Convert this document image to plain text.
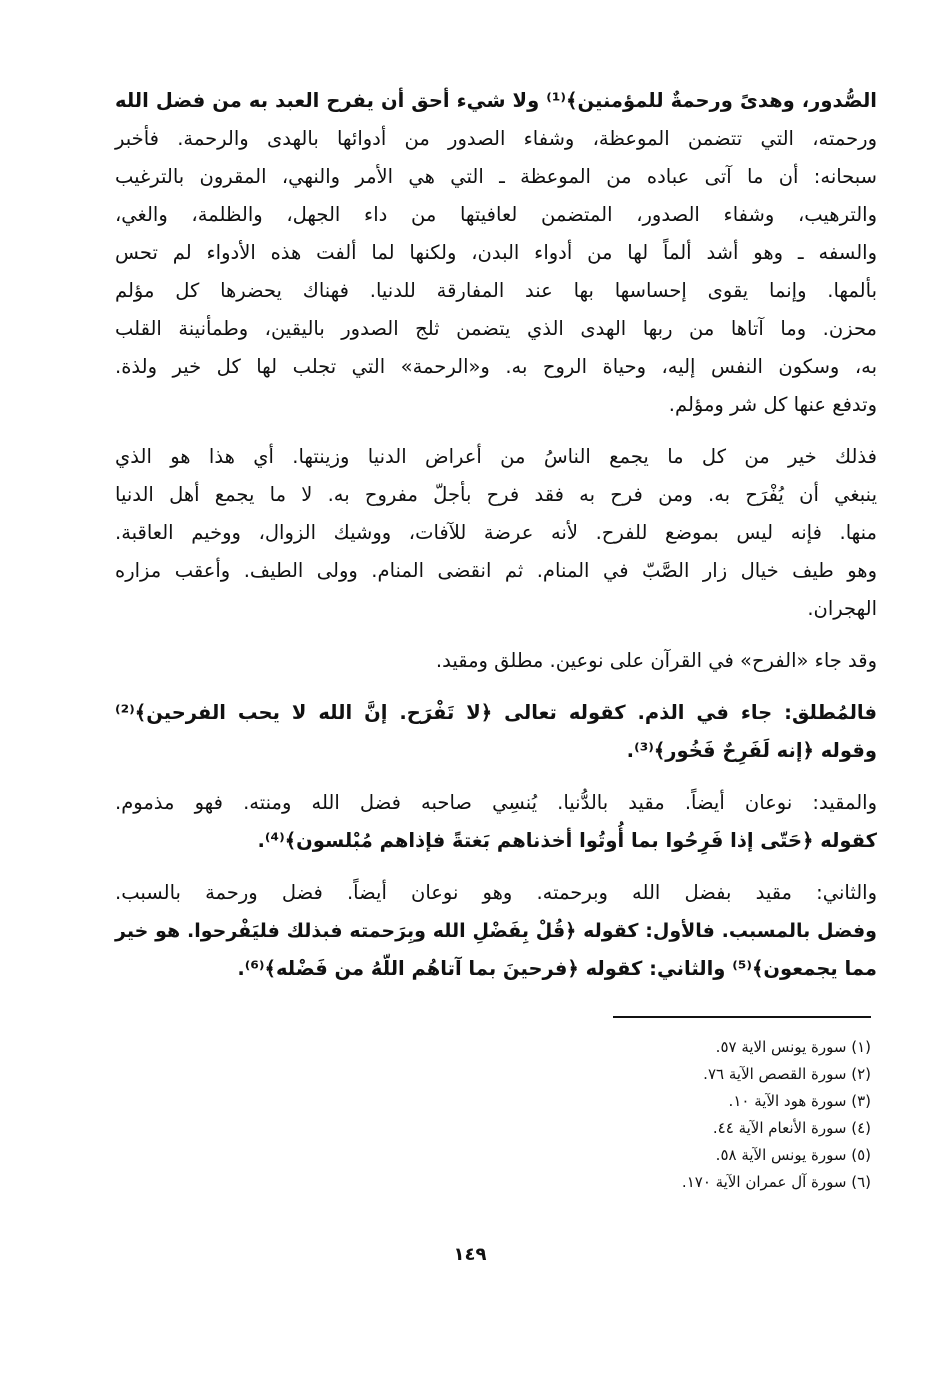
الصُّدور، وهدىً ورحمةٌ للمؤمنين﴾⁽¹⁾ ولا شيء أحق أن يفرح العبد به من فضل الله
ورحمته، التي تتضمن الموعظة، وشفاء الصدور من أدوائها بالهدى والرحمة. فأخبر
سبحانه: أن ما آتى عباده من الموعظة ـ التي هي الأمر والنهي، المقرون بالترغيب
والترهيب، وشفاء الصدور، المتضمن لعافيتها من داء الجهل، والظلمة، والغي،
والسفه ـ وهو أشد ألماً لها من أدواء البدن، ولكنها لما ألفت هذه الأدواء لم تحس
بألمها. وإنما يقوى إحساسها بها عند المفارقة للدنيا. فهناك يحضرها كل مؤلم
محزن. وما آتاها من ربها الهدى الذي يتضمن ثلج الصدور باليقين، وطمأنينة القلب
به، وسكون النفس إليه، وحياة الروح به. و«الرحمة» التي تجلب لها كل خير ولذة.
وتدفع عنها كل شر ومؤلم.
فذلك خير من كل ما يجمع الناسُ من أعراض الدنيا وزينتها. أي هذا هو الذي
ينبغي أن يُفْرَح به. ومن فرح به فقد فرح بأجلّ مفروح به. لا ما يجمع أهل الدنيا
منها. فإنه ليس بموضع للفرح. لأنه عرضة للآفات، ووشيك الزوال، ووخيم العاقبة.
وهو طيف خيال زار الصَّبّ في المنام. ثم انقضى المنام. وولى الطيف. وأعقب مزاره
الهجران.
وقد جاء «الفرح» في القرآن على نوعين. مطلق ومقيد.
فالمُطلق: جاء في الذم. كقوله تعالى ﴿لا تَفْرَح. إنَّ الله لا يحب الفرحين﴾⁽²⁾
وقوله ﴿إنه لَفَرِحٌ فَخُور﴾⁽³⁾.
والمقيد: نوعان أيضاً. مقيد بالدُّنيا. يُنسِي صاحبه فضل الله ومنته. فهو مذموم.
كقوله ﴿حَتّى إذا فَرِحُوا بما أُوتُوا أخذناهم بَغتةً فإذاهم مُبْلسون﴾⁽⁴⁾.
والثاني: مقيد بفضل الله وبرحمته. وهو نوعان أيضاً. فضل ورحمة بالسبب.
وفضل بالمسبب. فالأول: كقوله ﴿قُلْ بِفَضْلِ الله وبِرَحمته فبذلك فليَفْرحوا. هو خير
مما يجمعون﴾⁽⁵⁾ والثاني: كقوله ﴿فرحينَ بما آتاهُم اللّهُ من فَضْله﴾⁽⁶⁾.
(١) سورة يونس الاية ٥٧.
(٢) سورة القصص الآية ٧٦.
(٣) سورة هود الآية ١٠.
(٤) سورة الأنعام الآية ٤٤.
(٥) سورة يونس الآية ٥٨.
(٦) سورة آل عمران الآية ١٧٠.
١٤٩
